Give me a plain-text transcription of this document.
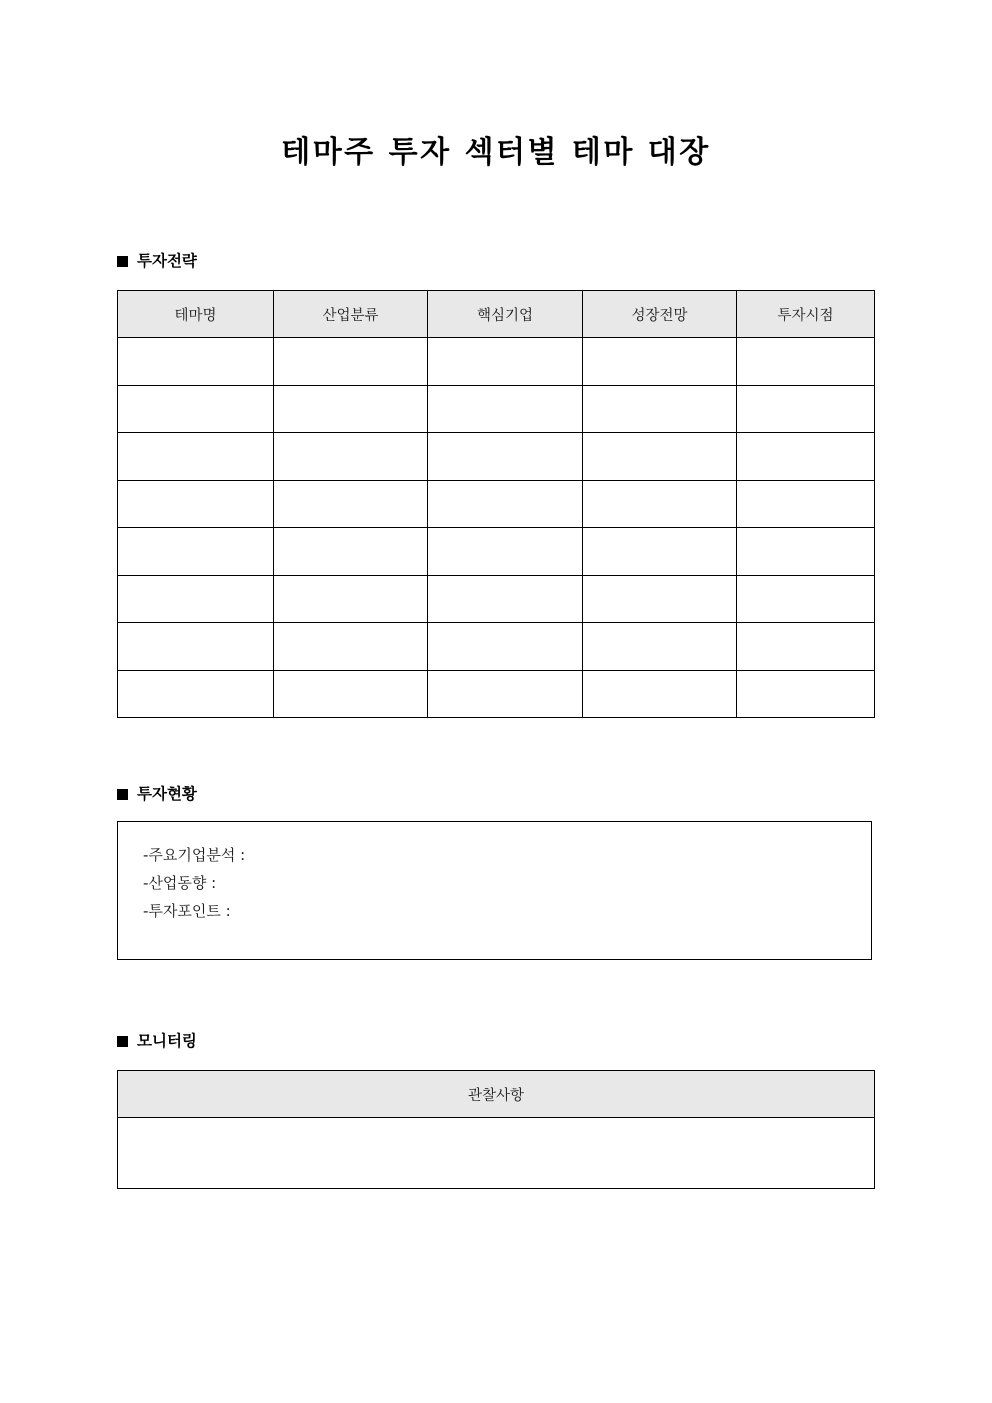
테마주 투자 섹터별 테마 대장
투자전략
테마명	산업분류	핵심기업	성장전망	투자시점

투자현황
-주요기업분석 :
-산업동향 :
-투자포인트 :
모니터링
관찰사항
